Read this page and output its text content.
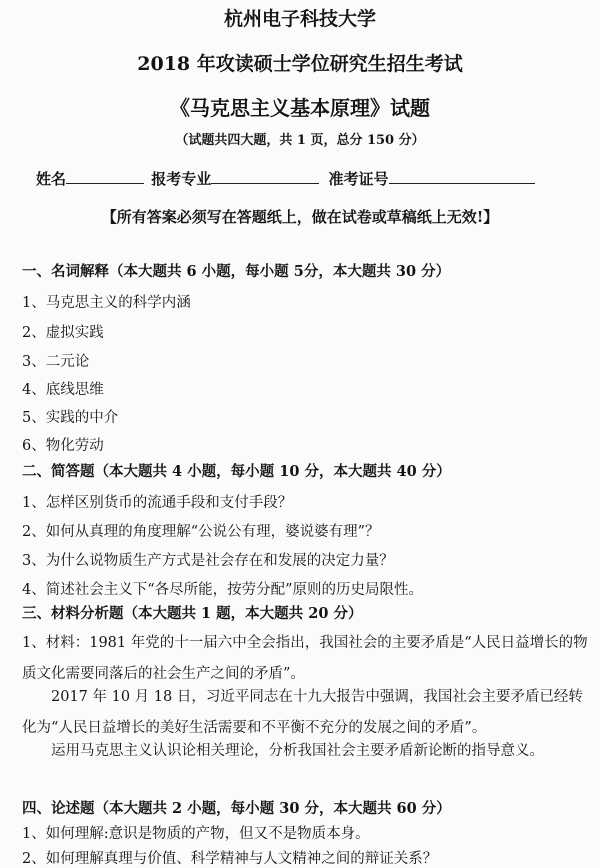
杭州电子科技大学
2018 年攻读硕士学位研究生招生考试
《马克思主义基本原理》试题
（试题共四大题，共 1 页，总分 150 分）
姓名	报考专业	准考证号
【所有答案必须写在答题纸上，做在试卷或草稿纸上无效!】
一、名词解释（本大题共 6 小题，每小题 5分，本大题共 30 分）
1、马克思主义的科学内涵
2、虚拟实践
3、二元论
4、底线思维
5、实践的中介
6、物化劳动
二、简答题（本大题共 4 小题，每小题 10 分，本大题共 40 分）
1、怎样区别货币的流通手段和支付手段？
2、如何从真理的角度理解“公说公有理，婆说婆有理”？
3、为什么说物质生产方式是社会存在和发展的决定力量？
4、简述社会主义下“各尽所能，按劳分配”原则的历史局限性。
三、材料分析题（本大题共 1 题，本大题共 20 分）
1、材料：1981 年党的十一届六中全会指出，我国社会的主要矛盾是“人民日益增长的物质文化需要同落后的社会生产之间的矛盾”。
2017 年 10 月 18 日，习近平同志在十九大报告中强调，我国社会主要矛盾已经转化为“人民日益增长的美好生活需要和不平衡不充分的发展之间的矛盾”。
运用马克思主义认识论相关理论，分析我国社会主要矛盾新论断的指导意义。
四、论述题（本大题共 2 小题，每小题 30 分，本大题共 60 分）
1、如何理解:意识是物质的产物，但又不是物质本身。
2、如何理解真理与价值、科学精神与人文精神之间的辩证关系？
